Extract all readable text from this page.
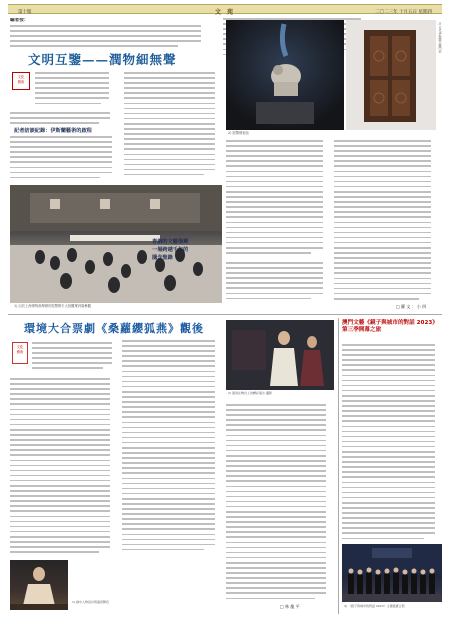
第十版	文 苑	二〇二三年 十月五日 星期四
編者按：
文明互鑒——潤物細無聲
文化
藝術
記者訪談紀錄：伊斯蘭藝術的啟程
1) 由於上海博物館舉辦的展覽吸引大批觀眾到場參觀
2) 展覽藝術品
3) 古代伊斯蘭木雕門扇
青銅的文藝復興
一場跨越千年的
隱含聖錄
□ 羅 文 ： 小 四
環境大合票劇《桑蘿纓狐燕》觀後
文化
藝術
1) 劇中人物設計與演員陣容
2) 演員在舞台上的精彩演出 攝影
□ 林 龍 平
澳門文藝《鏡子與城市的對話 2023》第三季開幕之旅
4) 《鏡子與城市的對話 2023》主禮嘉賓合照
